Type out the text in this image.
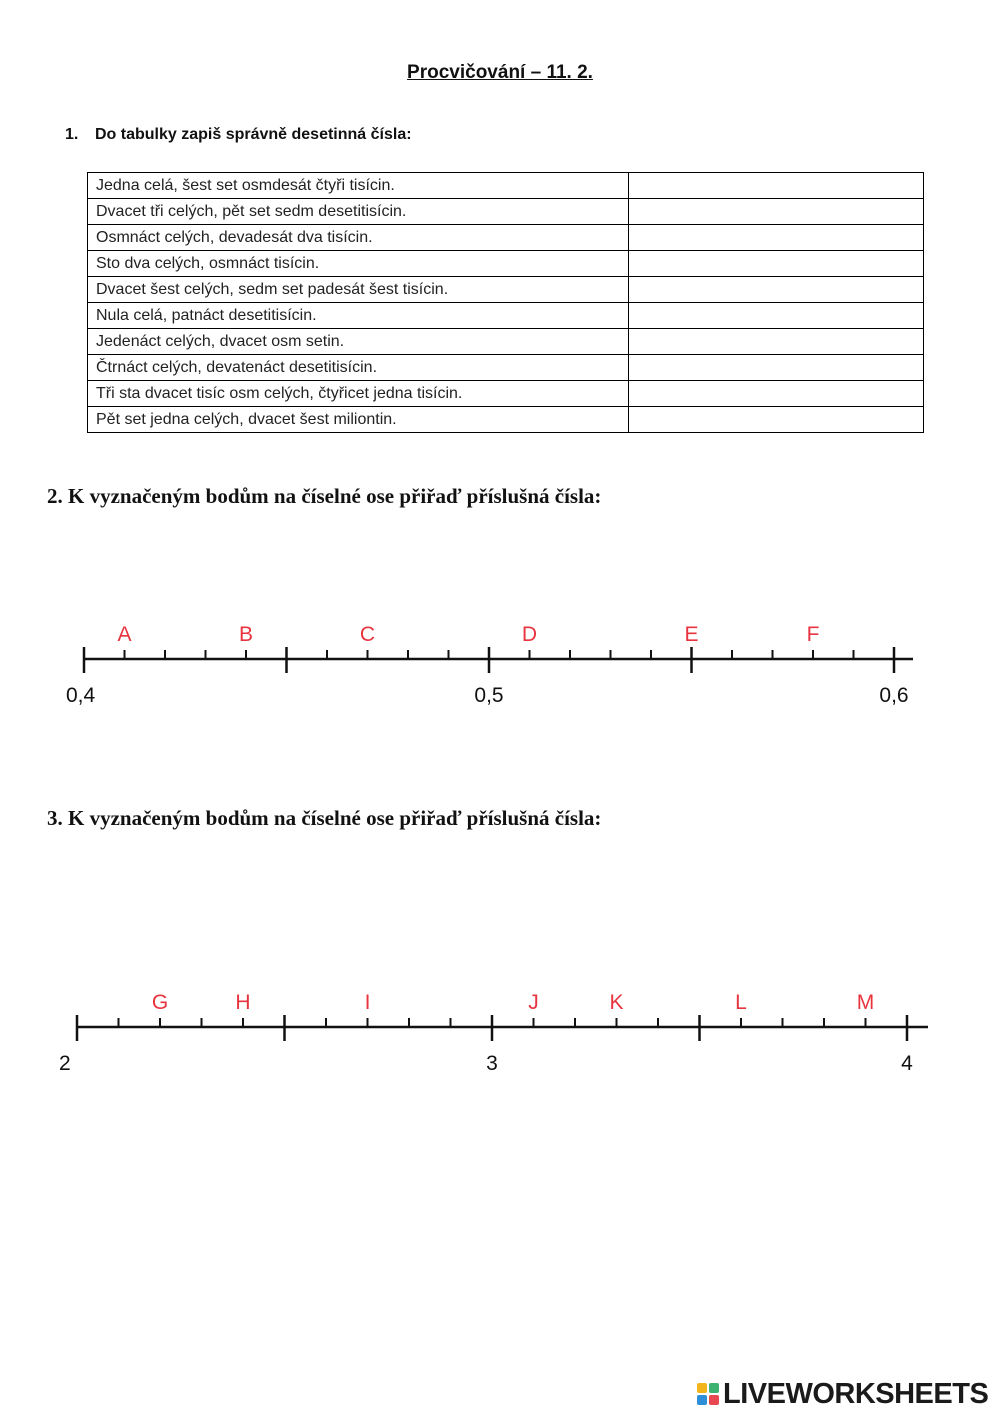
Procvičování – 11. 2.
1. Do tabulky zapiš správně desetinná čísla:
Jedna celá, šest set osmdesát čtyři tisícin.	
Dvacet tři celých, pět set sedm desetitisícin.	
Osmnáct celých, devadesát dva tisícin.	
Sto dva celých, osmnáct tisícin.	
Dvacet šest celých, sedm set padesát šest tisícin.	
Nula celá, patnáct desetitisícin.	
Jedenáct celých, dvacet osm setin.	
Čtrnáct celých, devatenáct desetitisícin.	
Tři sta dvacet tisíc osm celých, čtyřicet jedna tisícin.	
Pět set jedna celých, dvacet šest miliontin.	
2. K vyznačeným bodům na číselné ose přiřaď příslušná čísla:
0,4	0,5	0,6
A	B	C	D	E	F
3. K vyznačeným bodům na číselné ose přiřaď příslušná čísla:
2	3	4
G	H	I	J	K	L	M
LIVEWORKSHEETS
